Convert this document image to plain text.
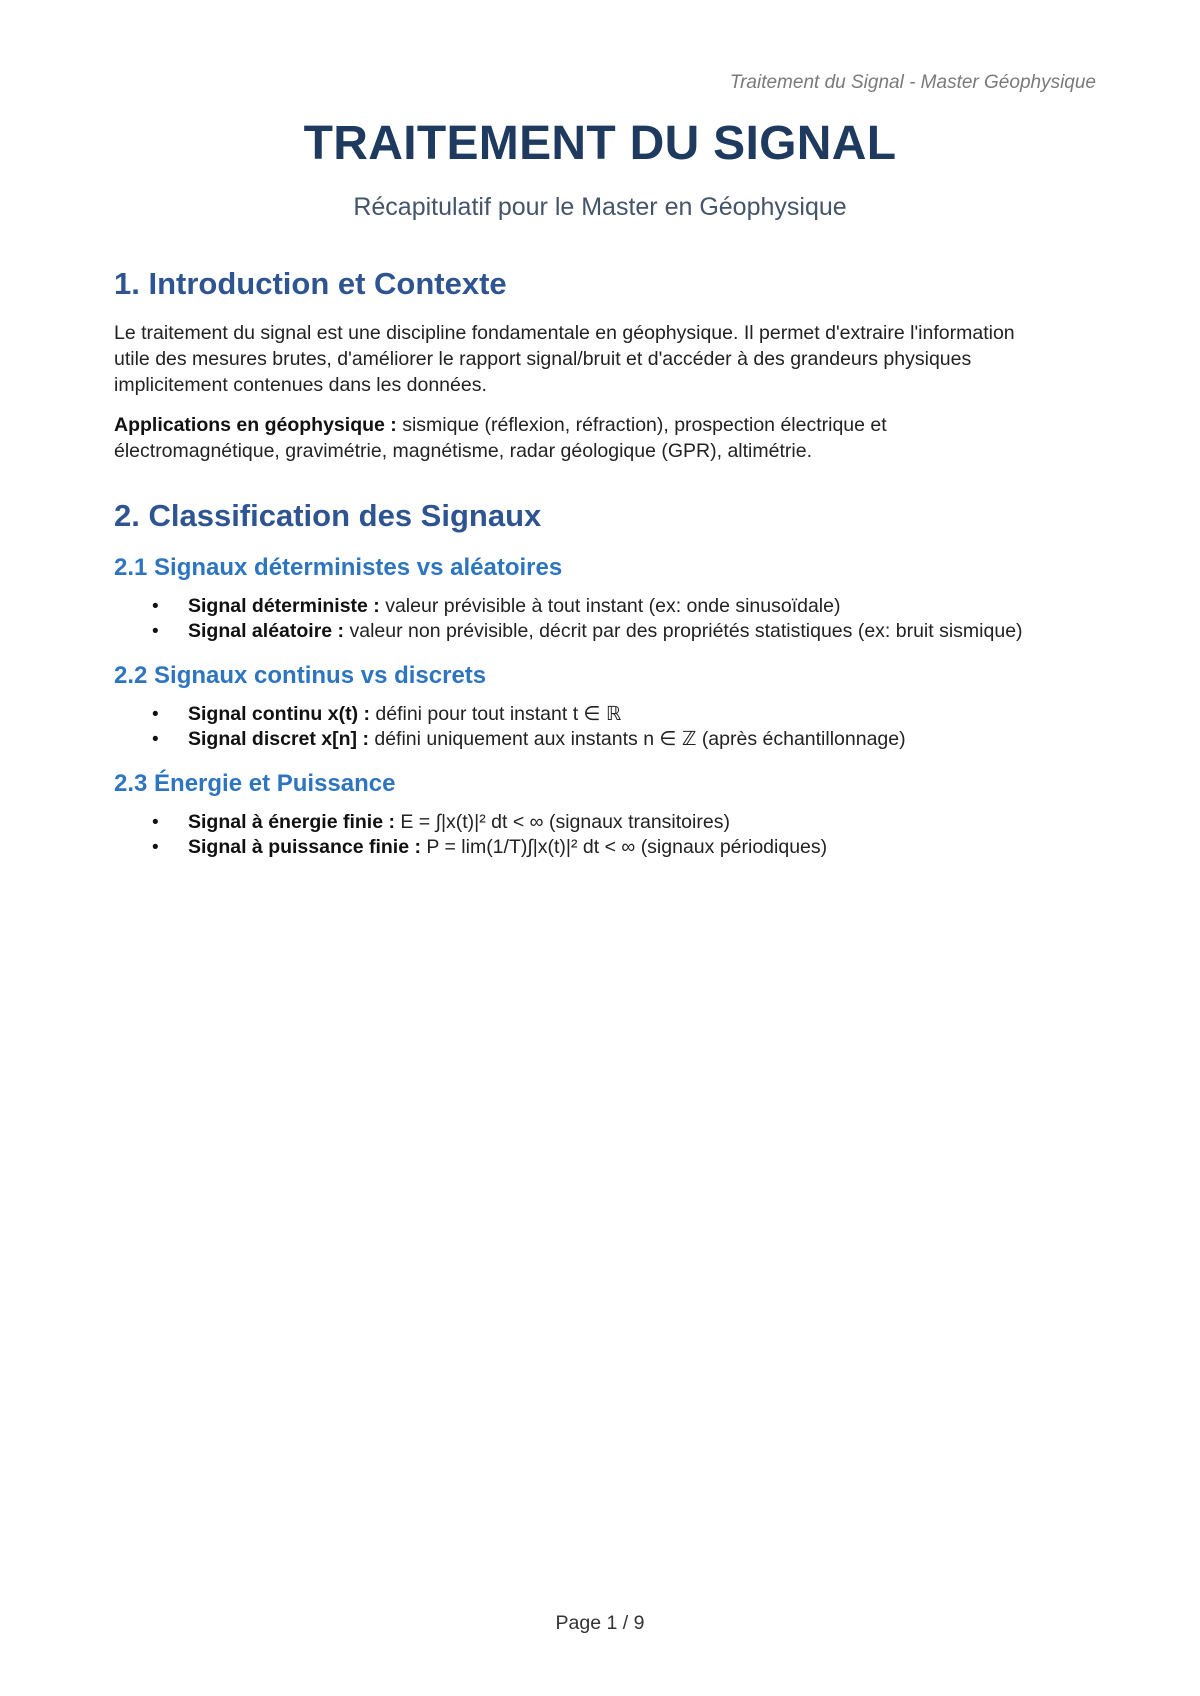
Traitement du Signal - Master Géophysique
TRAITEMENT DU SIGNAL
Récapitulatif pour le Master en Géophysique
1. Introduction et Contexte

Le traitement du signal est une discipline fondamentale en géophysique. Il permet d'extraire l'information utile des mesures brutes, d'améliorer le rapport signal/bruit et d'accéder à des grandeurs physiques implicitement contenues dans les données.

Applications en géophysique : sismique (réflexion, réfraction), prospection électrique et électromagnétique, gravimétrie, magnétisme, radar géologique (GPR), altimétrie.

2. Classification des Signaux
2.1 Signaux déterministes vs aléatoires
• Signal déterministe : valeur prévisible à tout instant (ex: onde sinusoïdale)
• Signal aléatoire : valeur non prévisible, décrit par des propriétés statistiques (ex: bruit sismique)
2.2 Signaux continus vs discrets
• Signal continu x(t) : défini pour tout instant t ∈ ℝ
• Signal discret x[n] : défini uniquement aux instants n ∈ ℤ (après échantillonnage)
2.3 Énergie et Puissance
• Signal à énergie finie : E = ∫|x(t)|² dt < ∞ (signaux transitoires)
• Signal à puissance finie : P = lim(1/T)∫|x(t)|² dt < ∞ (signaux périodiques)
Page 1 / 9
